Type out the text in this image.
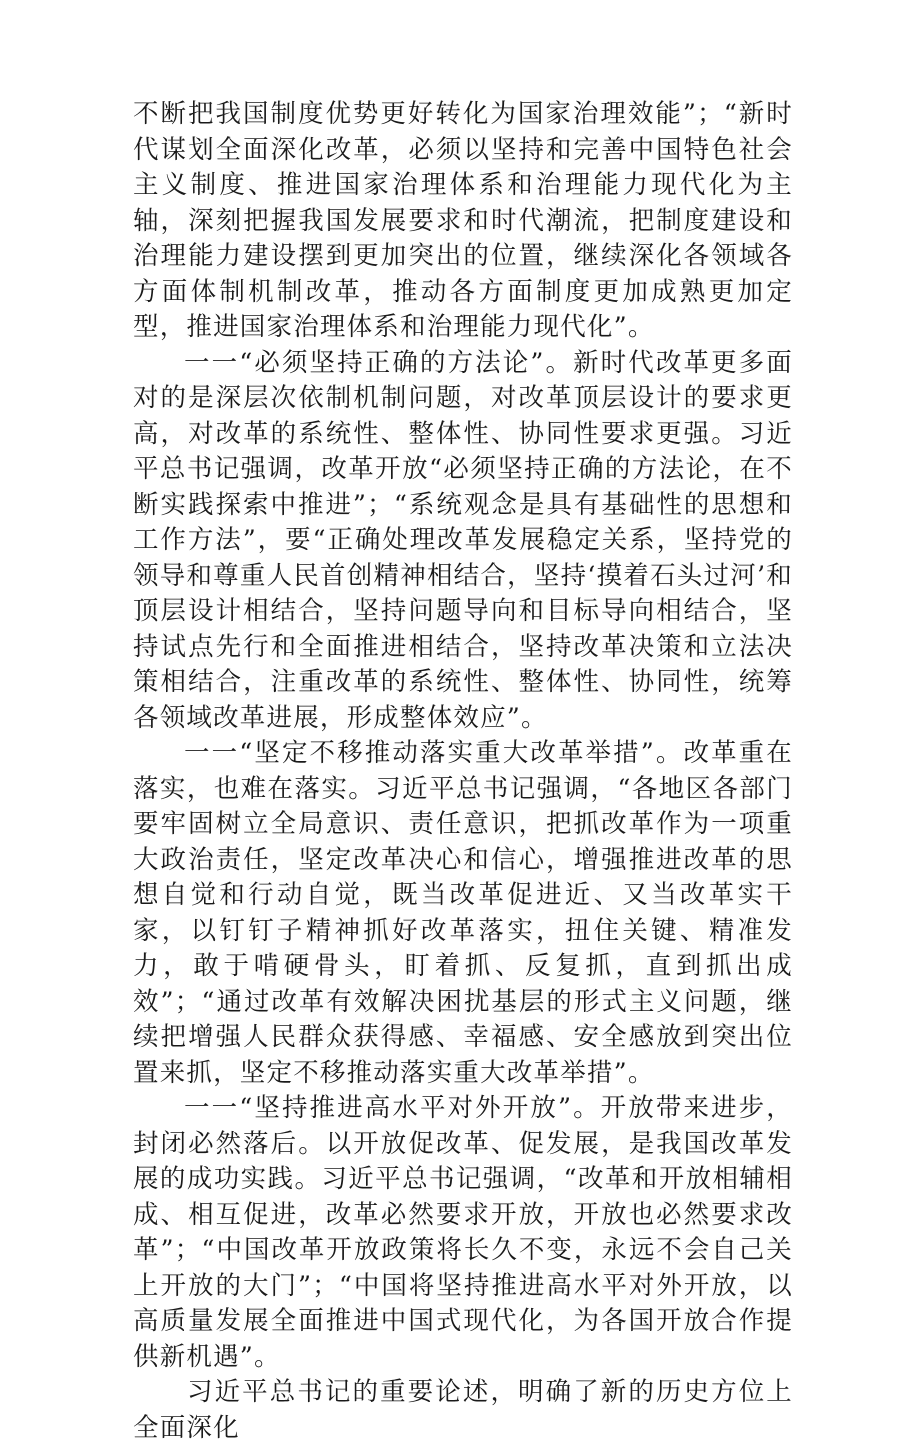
不断把我国制度优势更好转化为国家治理效能”；“新时代谋划全面深化改革，必须以坚持和完善中国特色社会主义制度、推进国家治理体系和治理能力现代化为主轴，深刻把握我国发展要求和时代潮流，把制度建设和治理能力建设摆到更加突出的位置，继续深化各领域各方面体制机制改革，推动各方面制度更加成熟更加定型，推进国家治理体系和治理能力现代化”。

一一“必须坚持正确的方法论”。新时代改革更多面对的是深层次依制机制问题，对改革顶层设计的要求更高，对改革的系统性、整体性、协同性要求更强。习近平总书记强调，改革开放“必须坚持正确的方法论，在不断实践探索中推进”；“系统观念是具有基础性的思想和工作方法”，要“正确处理改革发展稳定关系，坚持党的领导和尊重人民首创精神相结合，坚持‘摸着石头过河’和顶层设计相结合，坚持问题导向和目标导向相结合，坚持试点先行和全面推进相结合，坚持改革决策和立法决策相结合，注重改革的系统性、整体性、协同性，统筹各领域改革进展，形成整体效应”。

一一“坚定不移推动落实重大改革举措”。改革重在落实，也难在落实。习近平总书记强调，“各地区各部门要牢固树立全局意识、责任意识，把抓改革作为一项重大政治责任，坚定改革决心和信心，增强推进改革的思想自觉和行动自觉，既当改革促进近、又当改革实干家，以钉钉子精神抓好改革落实，扭住关键、精准发力，敢于啃硬骨头，盯着抓、反复抓，直到抓出成效”；“通过改革有效解决困扰基层的形式主义问题，继续把增强人民群众获得感、幸福感、安全感放到突出位置来抓，坚定不移推动落实重大改革举措”。

一一“坚持推进高水平对外开放”。开放带来进步，封闭必然落后。以开放促改革、促发展，是我国改革发展的成功实践。习近平总书记强调，“改革和开放相辅相成、相互促进，改革必然要求开放，开放也必然要求改革”；“中国改革开放政策将长久不变，永远不会自己关上开放的大门”；“中国将坚持推进高水平对外开放，以高质量发展全面推进中国式现代化，为各国开放合作提供新机遇”。

习近平总书记的重要论述，明确了新的历史方位上全面深化
